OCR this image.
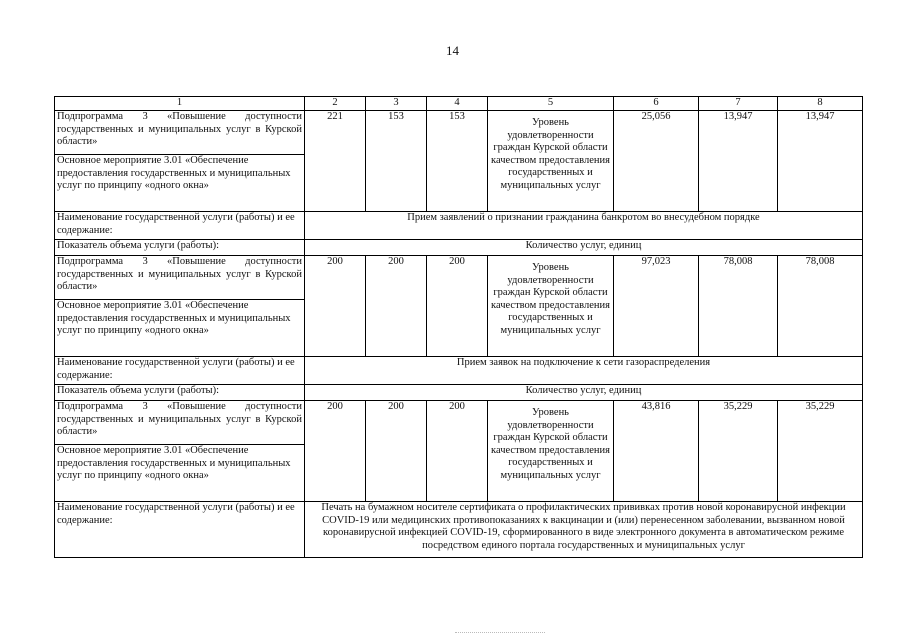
14
1	2	3	4	5	6	7	8
Подпрограмма 3 «Повышение доступности государственных и муниципальных услуг в Курской области»	221	153	153	Уровень удовлетворенности граждан Курской области качеством предоставления государственных и муниципальных услуг	25,056	13,947	13,947
Основное мероприятие 3.01 «Обеспечение предоставления государственных и муниципальных услуг по принципу «одного окна»							
Наименование государственной услуги (работы) и ее содержание:	Прием заявлений о признании гражданина банкротом во внесудебном порядке						
Показатель объема услуги (работы):	Количество услуг, единиц						
Подпрограмма 3 «Повышение доступности государственных и муниципальных услуг в Курской области»	200	200	200	Уровень удовлетворенности граждан Курской области качеством предоставления государственных и муниципальных услуг	97,023	78,008	78,008
Основное мероприятие 3.01 «Обеспечение предоставления государственных и муниципальных услуг по принципу «одного окна»							
Наименование государственной услуги (работы) и ее содержание:	Прием заявок на подключение к сети газораспределения						
Показатель объема услуги (работы):	Количество услуг, единиц						
Подпрограмма 3 «Повышение доступности государственных и муниципальных услуг в Курской области»	200	200	200	Уровень удовлетворенности граждан Курской области качеством предоставления государственных и муниципальных услуг	43,816	35,229	35,229
Основное мероприятие 3.01 «Обеспечение предоставления государственных и муниципальных услуг по принципу «одного окна»							
Наименование государственной услуги (работы) и ее содержание:	Печать на бумажном носителе сертификата о профилактических прививках против новой коронавирусной инфекции COVID-19 или медицинских противопоказаниях к вакцинации и (или) перенесенном заболевании, вызванном новой коронавирусной инфекцией COVID-19, сформированного в виде электронного документа в автоматическом режиме посредством единого портала государственных и муниципальных услуг						
